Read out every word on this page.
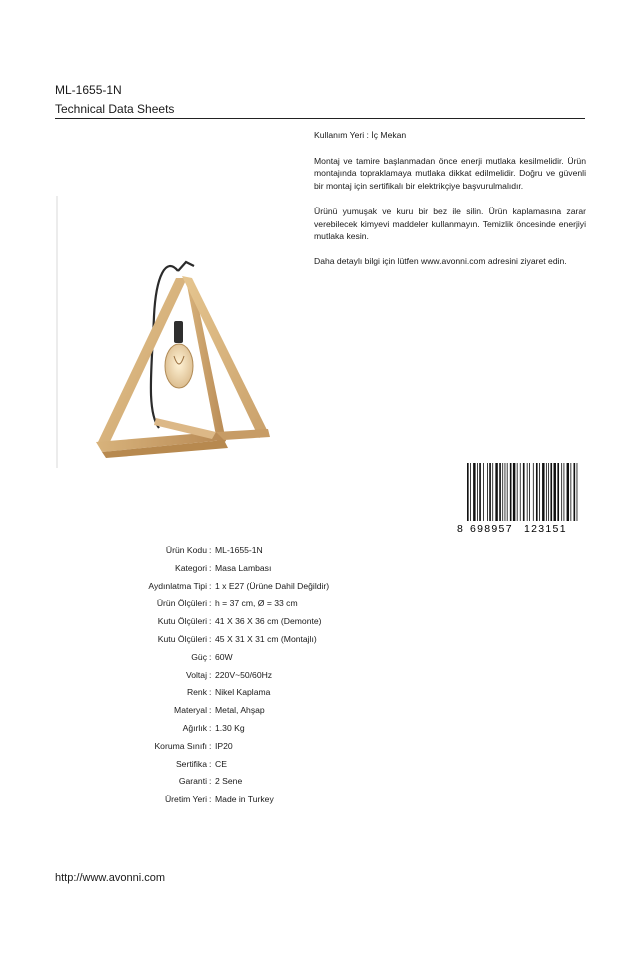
ML-1655-1N
Technical Data Sheets

Kullanım Yeri : İç Mekan

Montaj ve tamire başlanmadan önce enerji mutlaka kesilmelidir. Ürün montajında topraklamaya mutlaka dikkat edilmelidir. Doğru ve güvenli bir montaj için sertifikalı bir elektrikçiye başvurulmalıdır.

Ürünü yumuşak ve kuru bir bez ile silin. Ürün kaplamasına zarar verebilecek kimyevi maddeler kullanmayın. Temizlik öncesinde enerjiyi mutlaka kesin.

Daha detaylı bilgi için lütfen www.avonni.com adresini ziyaret edin.

8 698957 123151
Ürün Kodu : ML-1655-1N
Kategori : Masa Lambası
Aydınlatma Tipi : 1 x E27 (Ürüne Dahil Değildir)
Ürün Ölçüleri : h = 37 cm, Ø = 33 cm
Kutu Ölçüleri : 41 X 36 X 36 cm (Demonte)
Kutu Ölçüleri : 45 X 31 X 31 cm (Montajlı)
Güç : 60W
Voltaj : 220V~50/60Hz
Renk : Nikel Kaplama
Materyal : Metal, Ahşap
Ağırlık : 1.30 Kg
Koruma Sınıfı : IP20
Sertifika : CE
Garanti : 2 Sene
Üretim Yeri : Made in Turkey
http://www.avonni.com
